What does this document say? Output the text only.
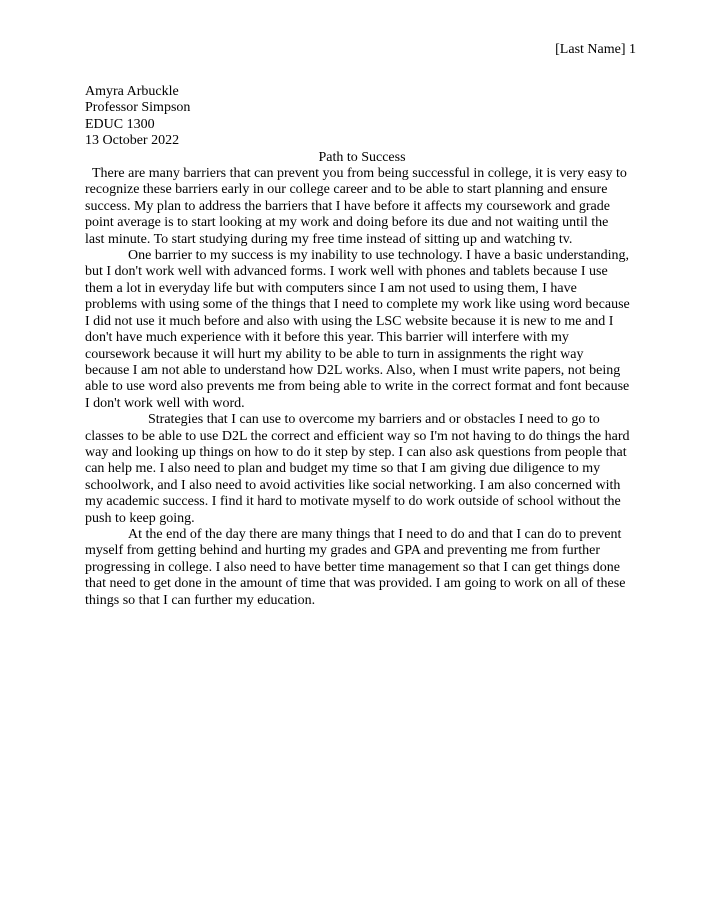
[Last Name] 1
Amyra Arbuckle
Professor Simpson
EDUC 1300
13 October 2022
Path to Success
There are many barriers that can prevent you from being successful in college, it is very easy to
recognize these barriers early in our college career and to be able to start planning and ensure
success. My plan to address the barriers that I have before it affects my coursework and grade
point average is to start looking at my work and doing before its due and not waiting until the
last minute. To start studying during my free time instead of sitting up and watching tv.
One barrier to my success is my inability to use technology. I have a basic understanding,
but I don't work well with advanced forms. I work well with phones and tablets because I use
them a lot in everyday life but with computers since I am not used to using them, I have
problems with using some of the things that I need to complete my work like using word because
I did not use it much before and also with using the LSC website because it is new to me and I
don't have much experience with it before this year. This barrier will interfere with my
coursework because it will hurt my ability to be able to turn in assignments the right way
because I am not able to understand how D2L works. Also, when I must write papers, not being
able to use word also prevents me from being able to write in the correct format and font because
I don't work well with word.
Strategies that I can use to overcome my barriers and or obstacles I need to go to
classes to be able to use D2L the correct and efficient way so I'm not having to do things the hard
way and looking up things on how to do it step by step. I can also ask questions from people that
can help me. I also need to plan and budget my time so that I am giving due diligence to my
schoolwork, and I also need to avoid activities like social networking. I am also concerned with
my academic success. I find it hard to motivate myself to do work outside of school without the
push to keep going.
At the end of the day there are many things that I need to do and that I can do to prevent
myself from getting behind and hurting my grades and GPA and preventing me from further
progressing in college. I also need to have better time management so that I can get things done
that need to get done in the amount of time that was provided. I am going to work on all of these
things so that I can further my education.
